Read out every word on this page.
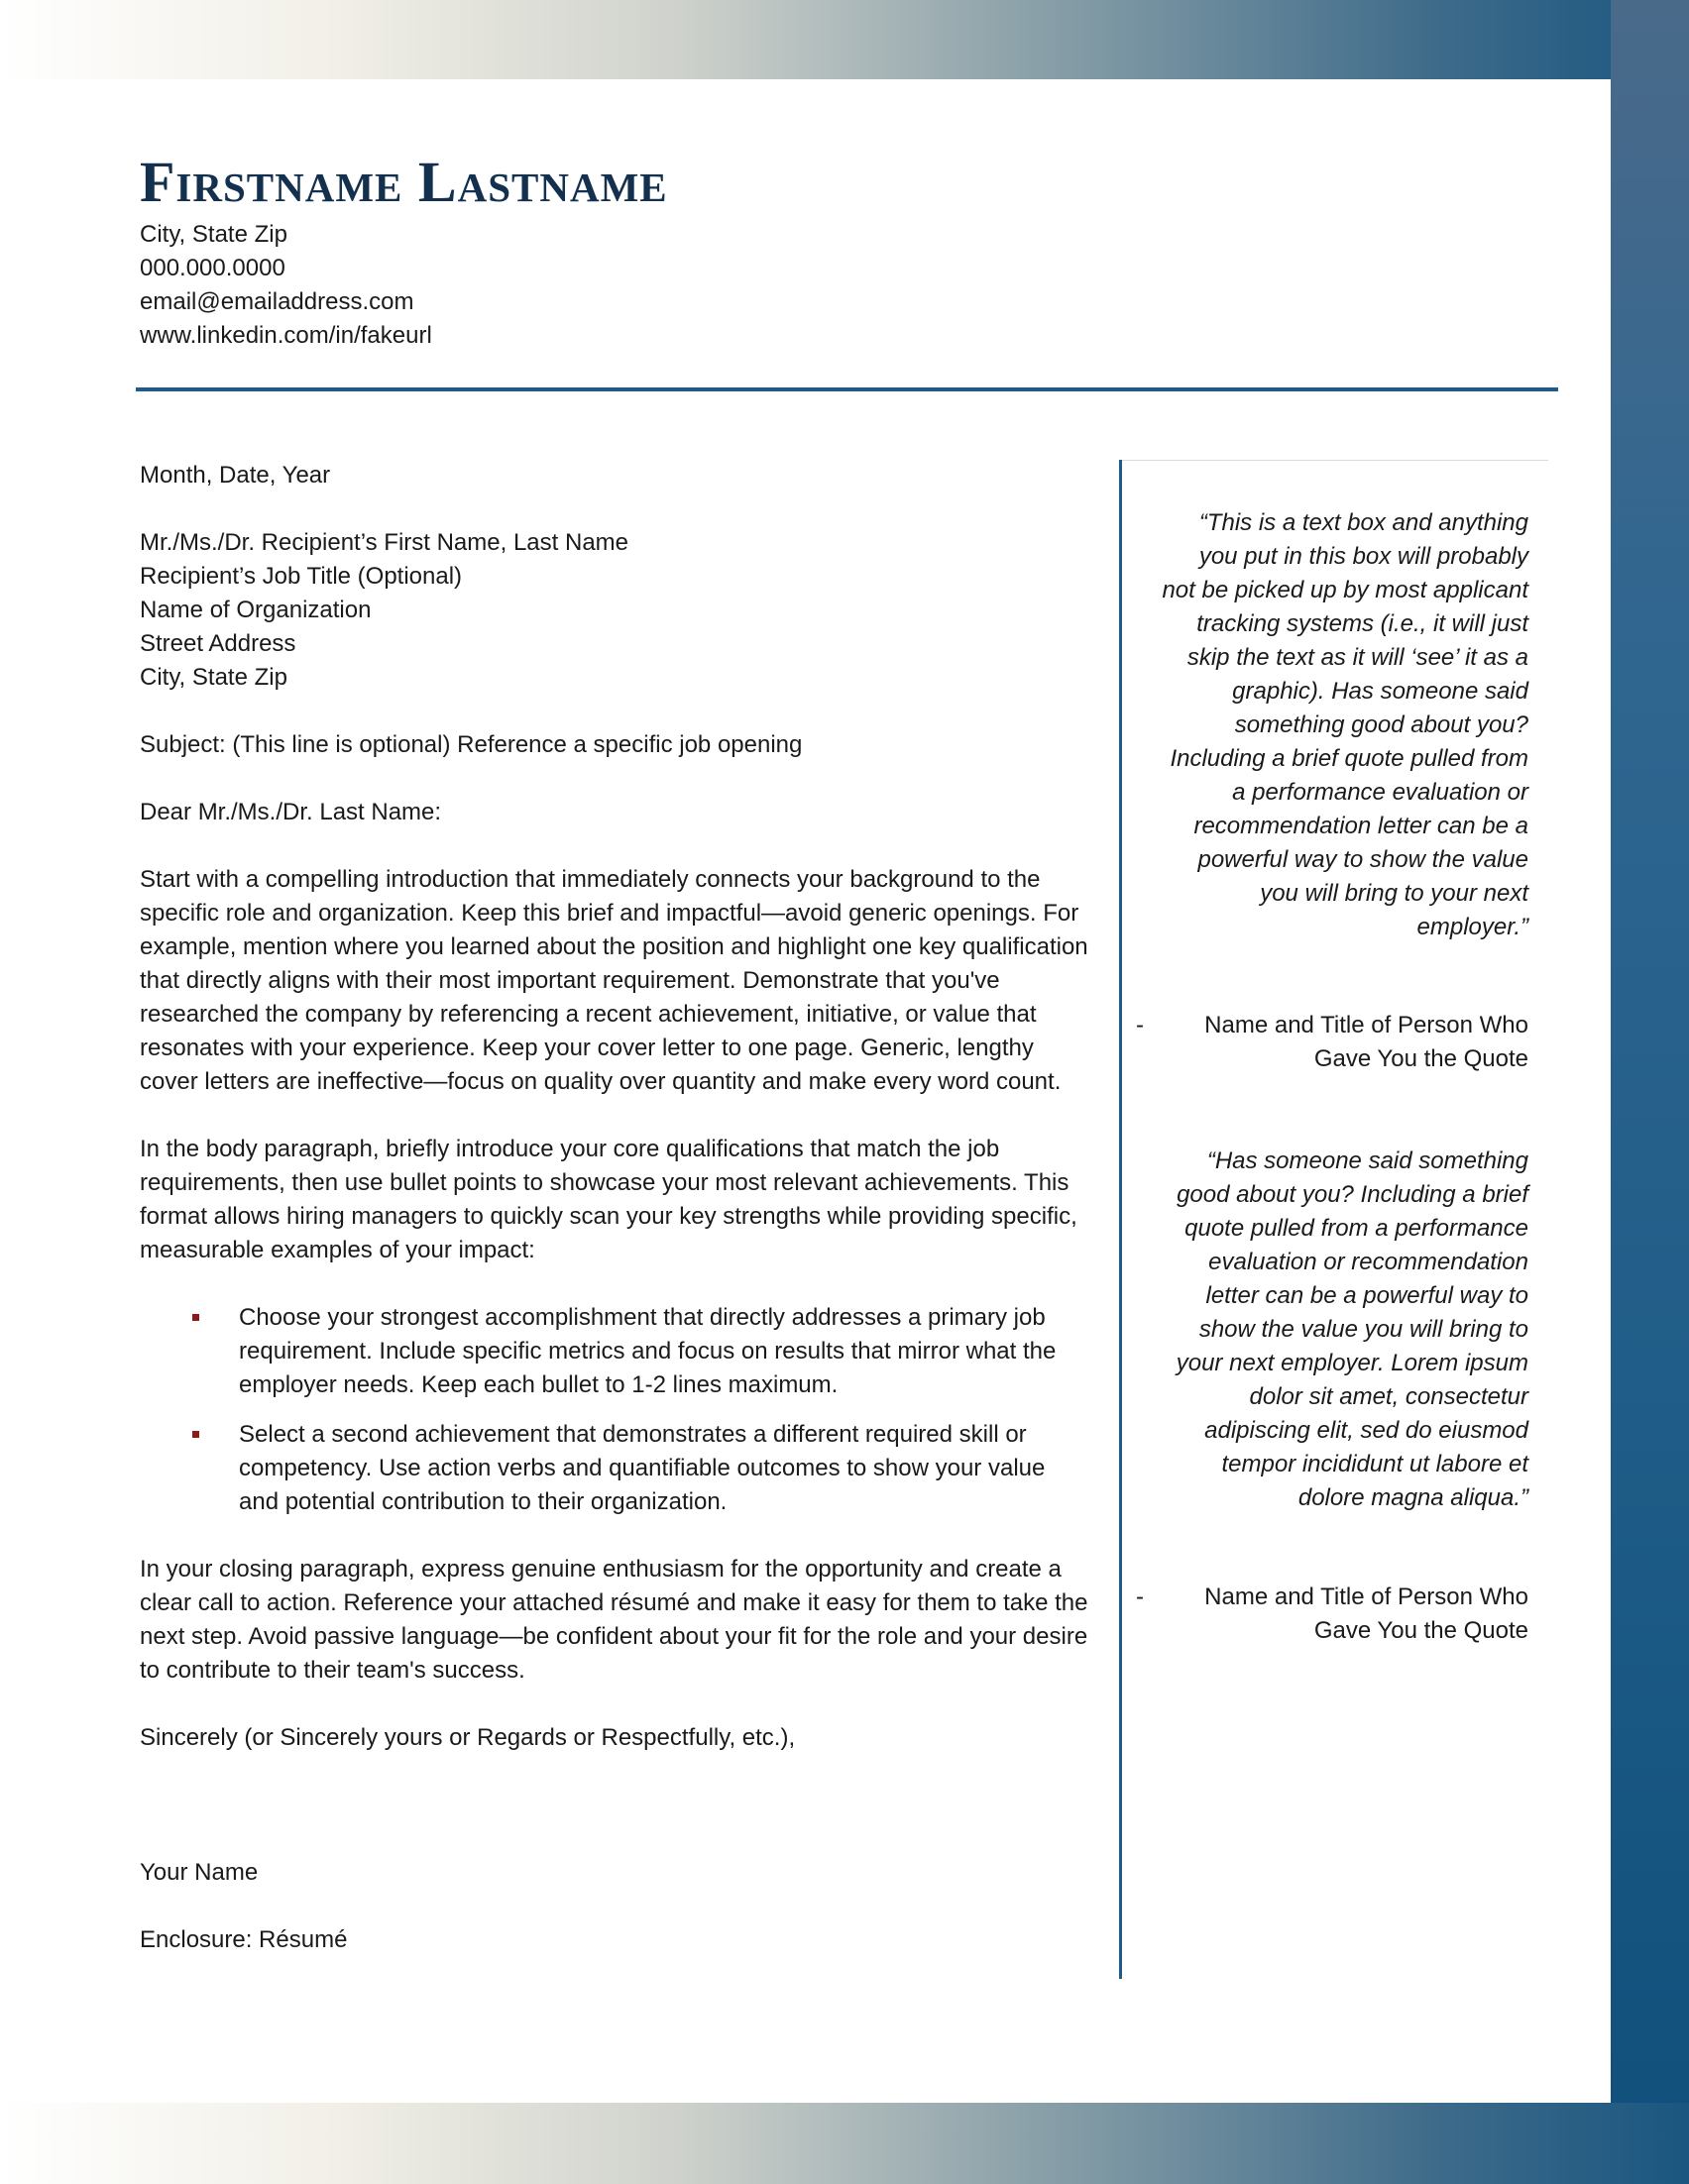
Firstname Lastname
City, State Zip
000.000.0000
email@emailaddress.com
www.linkedin.com/in/fakeurl

Month, Date, Year

Mr./Ms./Dr. Recipient’s First Name, Last Name

Recipient’s Job Title (Optional)

Name of Organization

Street Address

City, State Zip

Subject: (This line is optional) Reference a specific job opening

Dear Mr./Ms./Dr. Last Name:

Start with a compelling introduction that immediately connects your background to the specific role and organization. Keep this brief and impactful—avoid generic openings. For example, mention where you learned about the position and highlight one key qualification that directly aligns with their most important requirement. Demonstrate that you've researched the company by referencing a recent achievement, initiative, or value that resonates with your experience. Keep your cover letter to one page. Generic, lengthy cover letters are ineffective—focus on quality over quantity and make every word count.

In the body paragraph, briefly introduce your core qualifications that match the job requirements, then use bullet points to showcase your most relevant achievements. This format allows hiring managers to quickly scan your key strengths while providing specific, measurable examples of your impact:

Choose your strongest accomplishment that directly addresses a primary job requirement. Include specific metrics and focus on results that mirror what the employer needs. Keep each bullet to 1-2 lines maximum.
Select a second achievement that demonstrates a different required skill or competency. Use action verbs and quantifiable outcomes to show your value and potential contribution to their organization.

In your closing paragraph, express genuine enthusiasm for the opportunity and create a clear call to action. Reference your attached résumé and make it easy for them to take the next step. Avoid passive language—be confident about your fit for the role and your desire to contribute to their team's success.

Sincerely (or Sincerely yours or Regards or Respectfully, etc.),

Your Name

Enclosure: Résumé

“This is a text box and anything you put in this box will probably not be picked up by most applicant tracking systems (i.e., it will just skip the text as it will ‘see’ it as a graphic). Has someone said something good about you? Including a brief quote pulled from a performance evaluation or recommendation letter can be a powerful way to show the value you will bring to your next employer.”
-	Name and Title of Person Who Gave You the Quote
“Has someone said something good about you? Including a brief quote pulled from a performance evaluation or recommendation letter can be a powerful way to show the value you will bring to your next employer. Lorem ipsum dolor sit amet, consectetur adipiscing elit, sed do eiusmod tempor incididunt ut labore et dolore magna aliqua.”
-	Name and Title of Person Who Gave You the Quote
